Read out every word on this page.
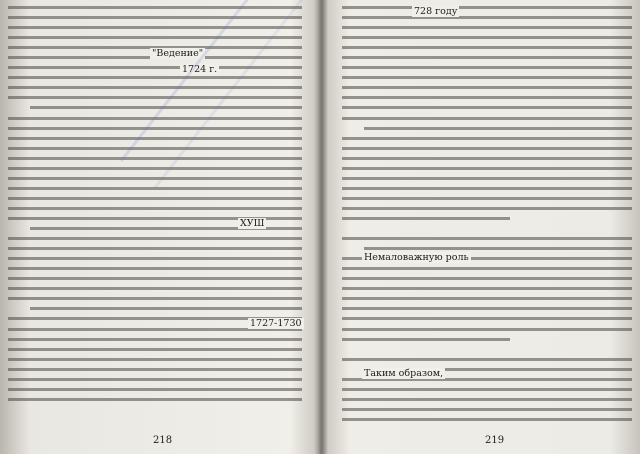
"Ведение"
1724 г.
ХУШ
1727-1730
218
728 году
Немаловажную роль
Таким образом,
219
